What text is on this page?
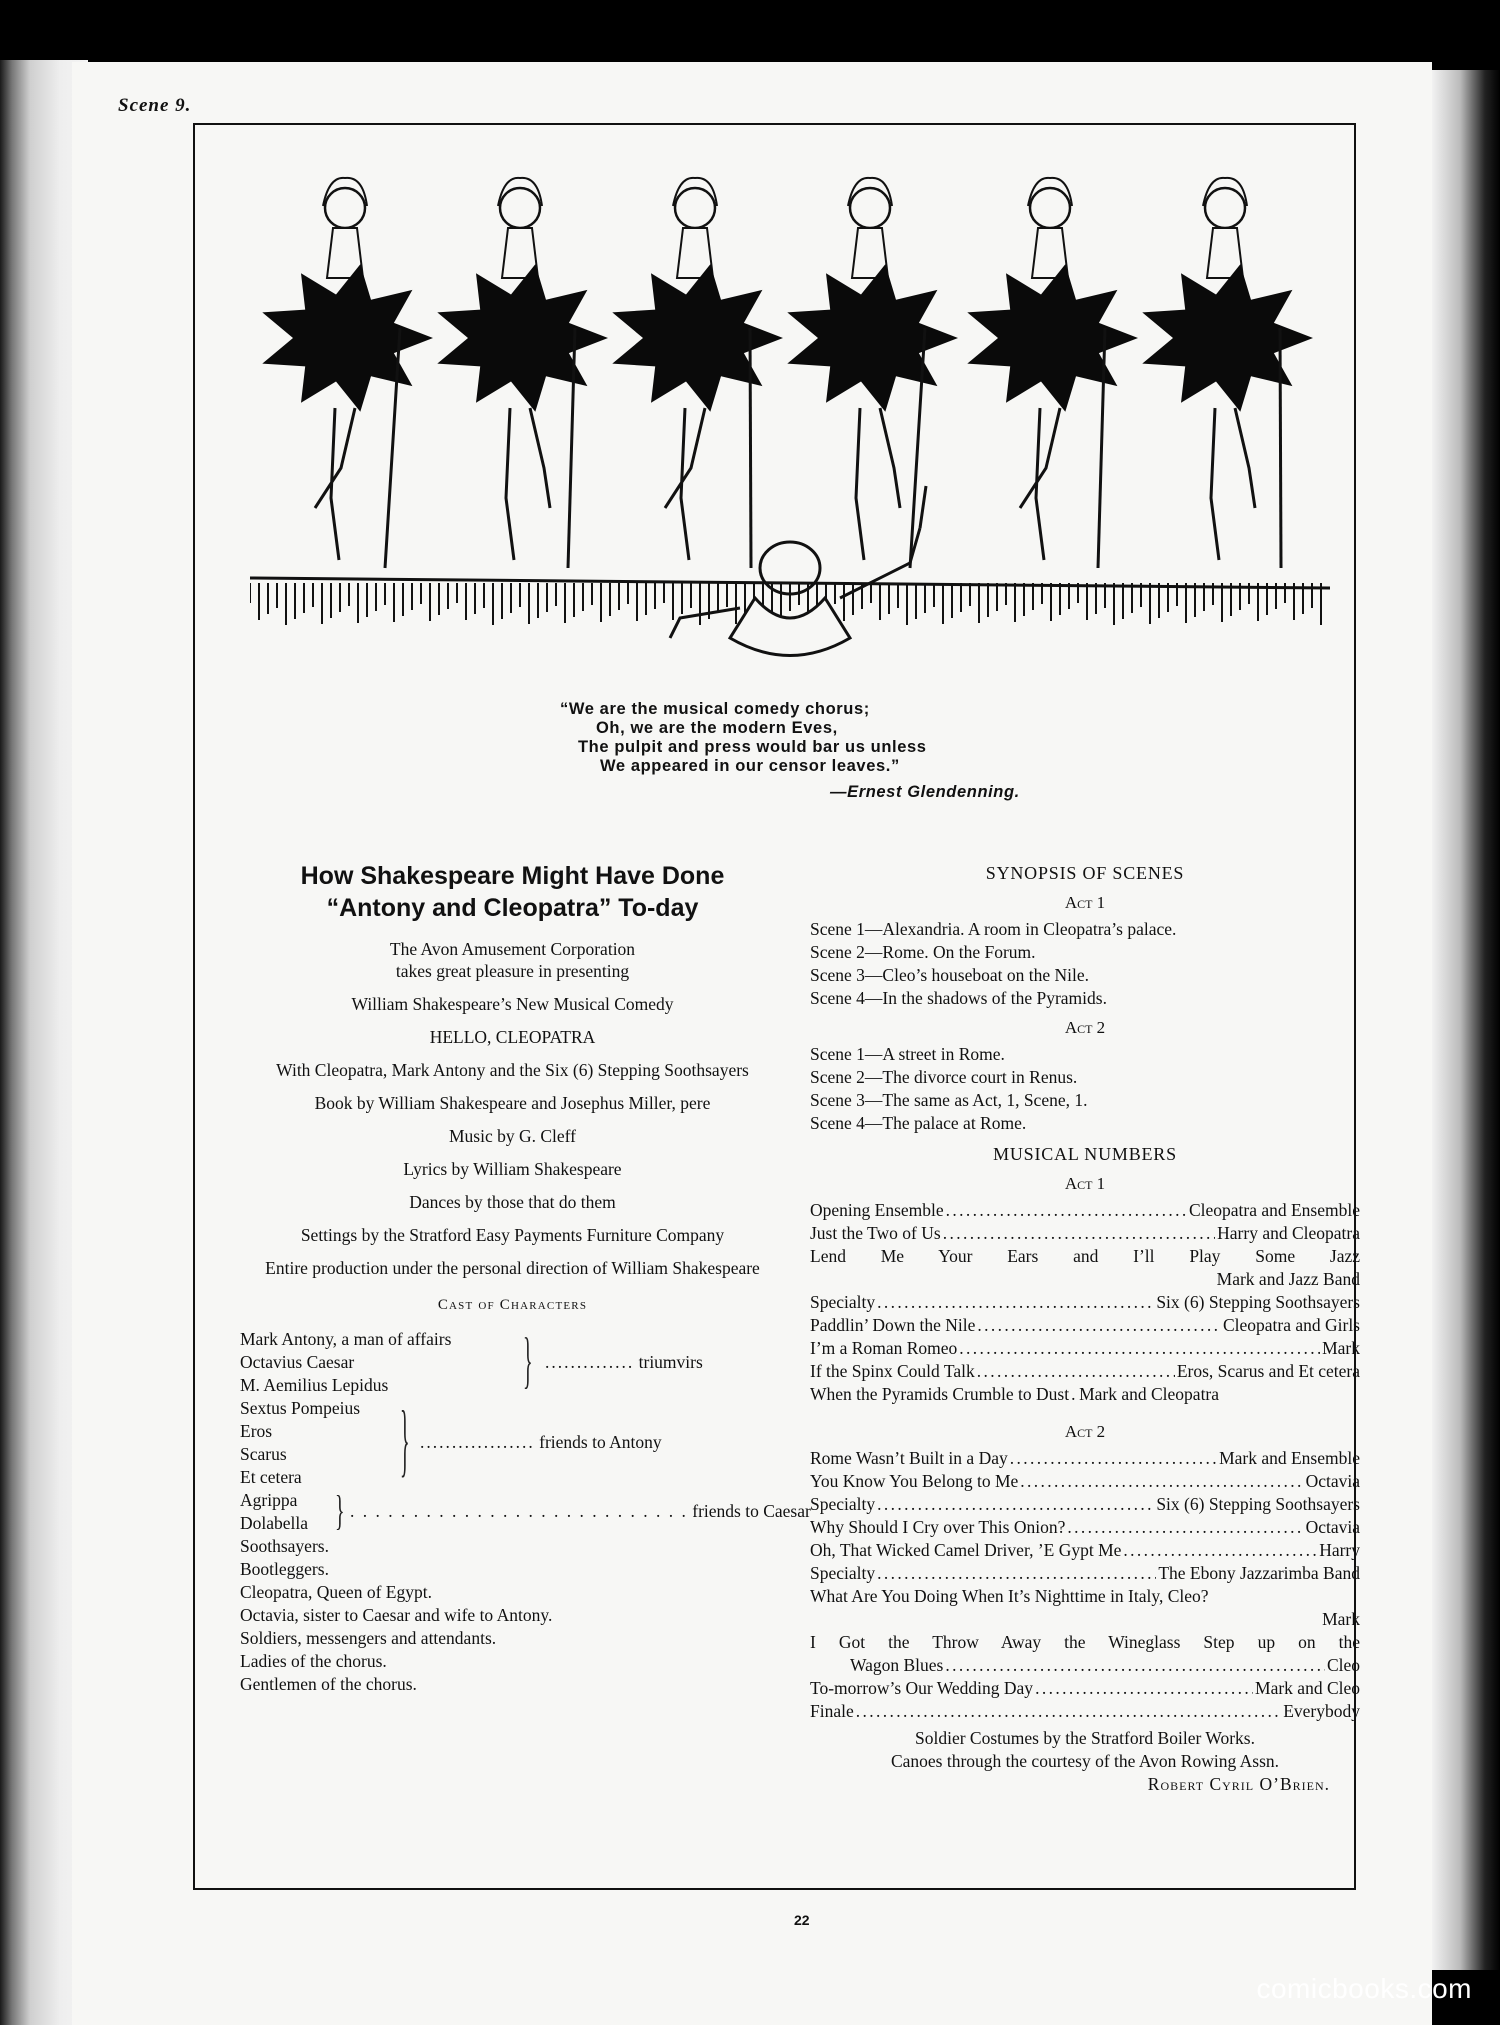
Scene 9.
“We are the musical comedy chorus;
Oh, we are the modern Eves,
The pulpit and press would bar us unless
We appeared in our censor leaves.”
—Ernest Glendenning.
How Shakespeare Might Have Done
“Antony and Cleopatra” To-day
The Avon Amusement Corporation
takes great pleasure in presenting
William Shakespeare’s New Musical Comedy
HELLO, CLEOPATRA
With Cleopatra, Mark Antony and the Six (6) Stepping Soothsayers
Book by William Shakespeare and Josephus Miller, pere
Music by G. Cleff
Lyrics by William Shakespeare
Dances by those that do them
Settings by the Stratford Easy Payments Furniture Company
Entire production under the personal direction of William Shakespeare
Cast of Characters
Mark Antony, a man of affairs
Octavius Caesar
M. Aemilius Lepidus	} .............. triumvirs
Sextus Pompeius
Eros
Scarus
Et cetera	} .................. friends to Antony
Agrippa
Dolabella	} . . . . . . . . . . . . . . . . . . . . . . . . . . . friends to Caesar
Soothsayers.
Bootleggers.
Cleopatra, Queen of Egypt.
Octavia, sister to Caesar and wife to Antony.
Soldiers, messengers and attendants.
Ladies of the chorus.
Gentlemen of the chorus.
SYNOPSIS OF SCENES
Act 1
Scene 1—Alexandria. A room in Cleopatra’s palace.
Scene 2—Rome. On the Forum.
Scene 3—Cleo’s houseboat on the Nile.
Scene 4—In the shadows of the Pyramids.
Act 2
Scene 1—A street in Rome.
Scene 2—The divorce court in Renus.
Scene 3—The same as Act, 1, Scene, 1.
Scene 4—The palace at Rome.
MUSICAL NUMBERS
Act 1
Opening Ensemble . . .	Cleopatra and Ensemble
Just the Two of Us . . .	Harry and Cleopatra
Lend Me Your Ears and I’ll Play Some Jazz
Mark and Jazz Band
Specialty . . .	Six (6) Stepping Soothsayers
Paddlin’ Down the Nile . . .	Cleopatra and Girls
I’m a Roman Romeo . . .	Mark
If the Spinx Could Talk . . .	Eros, Scarus and Et cetera
When the Pyramids Crumble to Dust . . . Mark and Cleopatra
Act 2
Rome Wasn’t Built in a Day . . .	Mark and Ensemble
You Know You Belong to Me . . .	Octavia
Specialty . . .	Six (6) Stepping Soothsayers
Why Should I Cry over This Onion? . . .	Octavia
Oh, That Wicked Camel Driver, ’E Gypt Me . . .	Harry
Specialty . . .	The Ebony Jazzarimba Band
What Are You Doing When It’s Nighttime in Italy, Cleo?
Mark
I Got the Throw Away the Wineglass Step up on the
Wagon Blues . . .	Cleo
To-morrow’s Our Wedding Day . . .	Mark and Cleo
Finale . . .	Everybody
Soldier Costumes by the Stratford Boiler Works.
Canoes through the courtesy of the Avon Rowing Assn.
Robert Cyril O’Brien.
22
comicbooks.com
